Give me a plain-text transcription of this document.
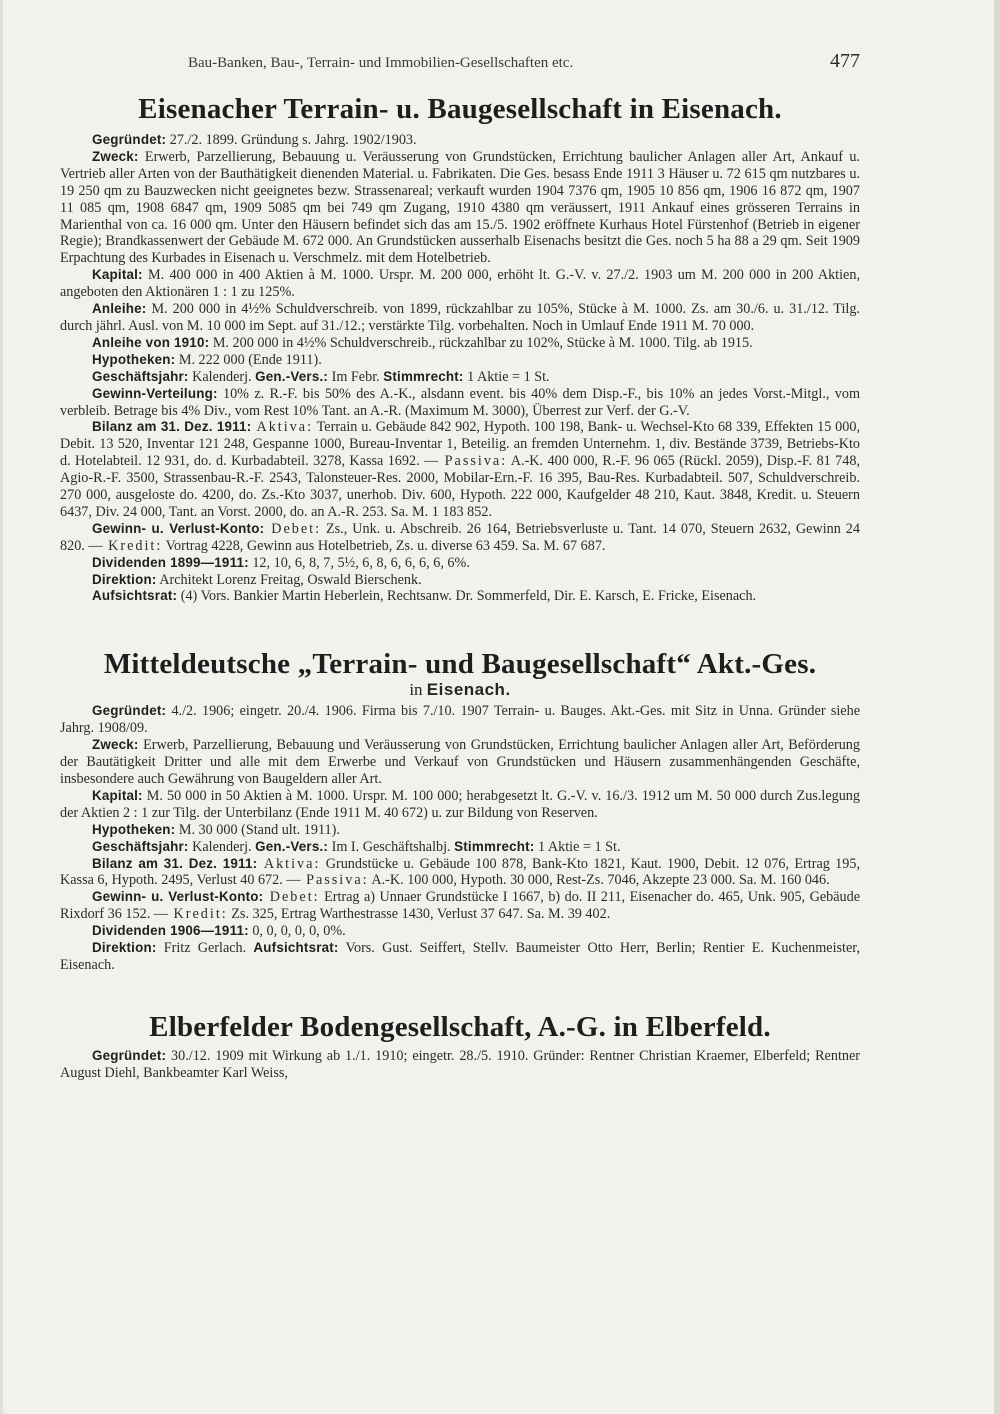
Bau-Banken, Bau-, Terrain- und Immobilien-Gesellschaften etc.	477
Eisenacher Terrain- u. Baugesellschaft in Eisenach.

Gegründet: 27./2. 1899. Gründung s. Jahrg. 1902/1903.

Zweck: Erwerb, Parzellierung, Bebauung u. Veräusserung von Grundstücken, Errichtung baulicher Anlagen aller Art, Ankauf u. Vertrieb aller Arten von der Bauthätigkeit dienenden Material. u. Fabrikaten. Die Ges. besass Ende 1911 3 Häuser u. 72 615 qm nutzbares u. 19 250 qm zu Bauzwecken nicht geeignetes bezw. Strassenareal; verkauft wurden 1904 7376 qm, 1905 10 856 qm, 1906 16 872 qm, 1907 11 085 qm, 1908 6847 qm, 1909 5085 qm bei 749 qm Zugang, 1910 4380 qm veräussert, 1911 Ankauf eines grösseren Terrains in Marienthal von ca. 16 000 qm. Unter den Häusern befindet sich das am 15./5. 1902 eröffnete Kurhaus Hotel Fürstenhof (Betrieb in eigener Regie); Brandkassenwert der Gebäude M. 672 000. An Grundstücken ausserhalb Eisenachs besitzt die Ges. noch 5 ha 88 a 29 qm. Seit 1909 Erpachtung des Kurbades in Eisenach u. Verschmelz. mit dem Hotelbetrieb.

Kapital: M. 400 000 in 400 Aktien à M. 1000. Urspr. M. 200 000, erhöht lt. G.-V. v. 27./2. 1903 um M. 200 000 in 200 Aktien, angeboten den Aktionären 1 : 1 zu 125%.

Anleihe: M. 200 000 in 4½% Schuldverschreib. von 1899, rückzahlbar zu 105%, Stücke à M. 1000. Zs. am 30./6. u. 31./12. Tilg. durch jährl. Ausl. von M. 10 000 im Sept. auf 31./12.; verstärkte Tilg. vorbehalten. Noch in Umlauf Ende 1911 M. 70 000.

Anleihe von 1910: M. 200 000 in 4½% Schuldverschreib., rückzahlbar zu 102%, Stücke à M. 1000. Tilg. ab 1915.

Hypotheken: M. 222 000 (Ende 1911).

Geschäftsjahr: Kalenderj. Gen.-Vers.: Im Febr. Stimmrecht: 1 Aktie = 1 St.

Gewinn-Verteilung: 10% z. R.-F. bis 50% des A.-K., alsdann event. bis 40% dem Disp.-F., bis 10% an jedes Vorst.-Mitgl., vom verbleib. Betrage bis 4% Div., vom Rest 10% Tant. an A.-R. (Maximum M. 3000), Überrest zur Verf. der G.-V.

Bilanz am 31. Dez. 1911: Aktiva: Terrain u. Gebäude 842 902, Hypoth. 100 198, Bank- u. Wechsel-Kto 68 339, Effekten 15 000, Debit. 13 520, Inventar 121 248, Gespanne 1000, Bureau-Inventar 1, Beteilig. an fremden Unternehm. 1, div. Bestände 3739, Betriebs-Kto d. Hotelabteil. 12 931, do. d. Kurbadabteil. 3278, Kassa 1692. — Passiva: A.-K. 400 000, R.-F. 96 065 (Rückl. 2059), Disp.-F. 81 748, Agio-R.-F. 3500, Strassenbau-R.-F. 2543, Talonsteuer-Res. 2000, Mobilar-Ern.-F. 16 395, Bau-Res. Kurbadabteil. 507, Schuldverschreib. 270 000, ausgeloste do. 4200, do. Zs.-Kto 3037, unerhob. Div. 600, Hypoth. 222 000, Kaufgelder 48 210, Kaut. 3848, Kredit. u. Steuern 6437, Div. 24 000, Tant. an Vorst. 2000, do. an A.-R. 253. Sa. M. 1 183 852.

Gewinn- u. Verlust-Konto: Debet: Zs., Unk. u. Abschreib. 26 164, Betriebsverluste u. Tant. 14 070, Steuern 2632, Gewinn 24 820. — Kredit: Vortrag 4228, Gewinn aus Hotelbetrieb, Zs. u. diverse 63 459. Sa. M. 67 687.

Dividenden 1899—1911: 12, 10, 6, 8, 7, 5½, 6, 8, 6, 6, 6, 6, 6%.

Direktion: Architekt Lorenz Freitag, Oswald Bierschenk.

Aufsichtsrat: (4) Vors. Bankier Martin Heberlein, Rechtsanw. Dr. Sommerfeld, Dir. E. Karsch, E. Fricke, Eisenach.

Mitteldeutsche „Terrain- und Baugesellschaft“ Akt.-Ges.

in Eisenach.

Gegründet: 4./2. 1906; eingetr. 20./4. 1906. Firma bis 7./10. 1907 Terrain- u. Bauges. Akt.-Ges. mit Sitz in Unna. Gründer siehe Jahrg. 1908/09.

Zweck: Erwerb, Parzellierung, Bebauung und Veräusserung von Grundstücken, Errichtung baulicher Anlagen aller Art, Beförderung der Bautätigkeit Dritter und alle mit dem Erwerbe und Verkauf von Grundstücken und Häusern zusammenhängenden Geschäfte, insbesondere auch Gewährung von Baugeldern aller Art.

Kapital: M. 50 000 in 50 Aktien à M. 1000. Urspr. M. 100 000; herabgesetzt lt. G.-V. v. 16./3. 1912 um M. 50 000 durch Zus.legung der Aktien 2 : 1 zur Tilg. der Unterbilanz (Ende 1911 M. 40 672) u. zur Bildung von Reserven.

Hypotheken: M. 30 000 (Stand ult. 1911).

Geschäftsjahr: Kalenderj. Gen.-Vers.: Im I. Geschäftshalbj. Stimmrecht: 1 Aktie = 1 St.

Bilanz am 31. Dez. 1911: Aktiva: Grundstücke u. Gebäude 100 878, Bank-Kto 1821, Kaut. 1900, Debit. 12 076, Ertrag 195, Kassa 6, Hypoth. 2495, Verlust 40 672. — Passiva: A.-K. 100 000, Hypoth. 30 000, Rest-Zs. 7046, Akzepte 23 000. Sa. M. 160 046.

Gewinn- u. Verlust-Konto: Debet: Ertrag a) Unnaer Grundstücke I 1667, b) do. II 211, Eisenacher do. 465, Unk. 905, Gebäude Rixdorf 36 152. — Kredit: Zs. 325, Ertrag Warthestrasse 1430, Verlust 37 647. Sa. M. 39 402.

Dividenden 1906—1911: 0, 0, 0, 0, 0, 0%.

Direktion: Fritz Gerlach. Aufsichtsrat: Vors. Gust. Seiffert, Stellv. Baumeister Otto Herr, Berlin; Rentier E. Kuchenmeister, Eisenach.

Elberfelder Bodengesellschaft, A.-G. in Elberfeld.

Gegründet: 30./12. 1909 mit Wirkung ab 1./1. 1910; eingetr. 28./5. 1910. Gründer: Rentner Christian Kraemer, Elberfeld; Rentner August Diehl, Bankbeamter Karl Weiss,
